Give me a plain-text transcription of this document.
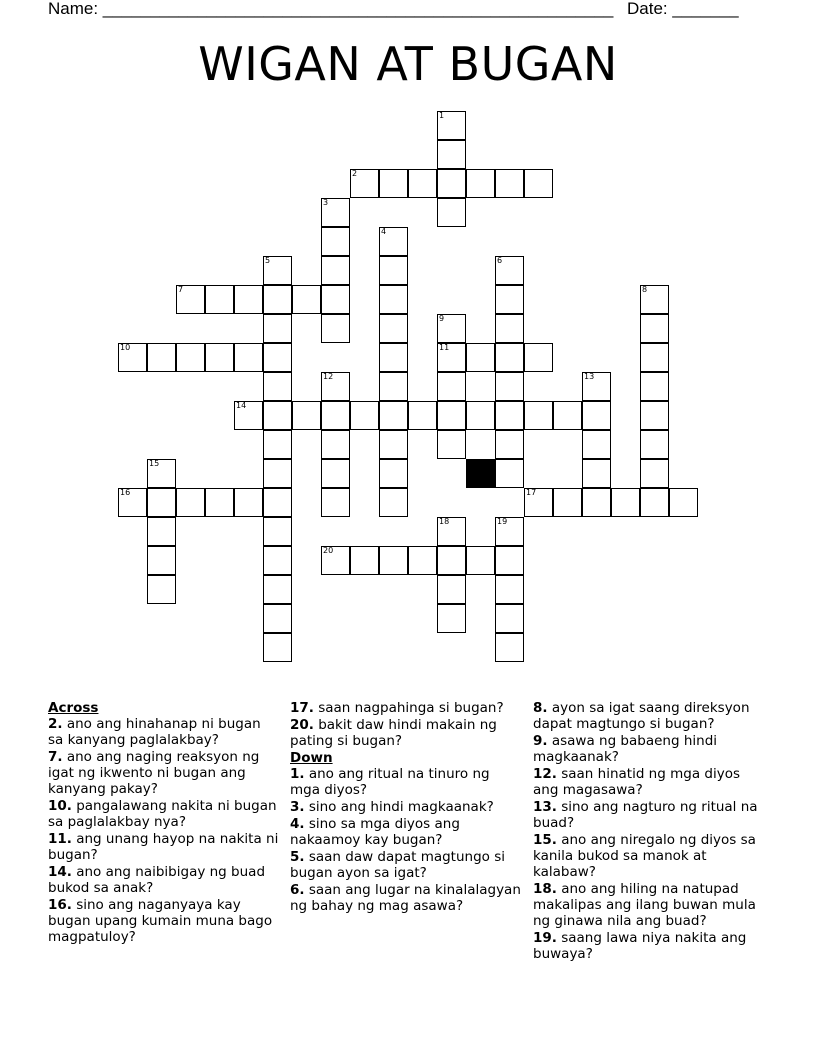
Name: ______________________________________________________ Date: _______
WIGAN AT BUGAN
1
2
3
4
5	6
7	8
9
11
10
12	13
14
15
16	17
18	19
20
Across
2. ano ang hinahanap ni bugan sa kanyang paglalakbay?
7. ano ang naging reaksyon ng igat ng ikwento ni bugan ang kanyang pakay?
10. pangalawang nakita ni bugan sa paglalakbay nya?
11. ang unang hayop na nakita ni bugan?
14. ano ang naibibigay ng buad bukod sa anak?
16. sino ang naganyaya kay bugan upang kumain muna bago magpatuloy?
17. saan nagpahinga si bugan?
20. bakit daw hindi makain ng pating si bugan?
Down
1. ano ang ritual na tinuro ng mga diyos?
3. sino ang hindi magkaanak?
4. sino sa mga diyos ang nakaamoy kay bugan?
5. saan daw dapat magtungo si bugan ayon sa igat?
6. saan ang lugar na kinalalagyan ng bahay ng mag asawa?
8. ayon sa igat saang direksyon dapat magtungo si bugan?
9. asawa ng babaeng hindi magkaanak?
12. saan hinatid ng mga diyos ang magasawa?
13. sino ang nagturo ng ritual na buad?
15. ano ang niregalo ng diyos sa kanila bukod sa manok at kalabaw?
18. ano ang hiling na natupad makalipas ang ilang buwan mula ng ginawa nila ang buad?
19. saang lawa niya nakita ang buwaya?
